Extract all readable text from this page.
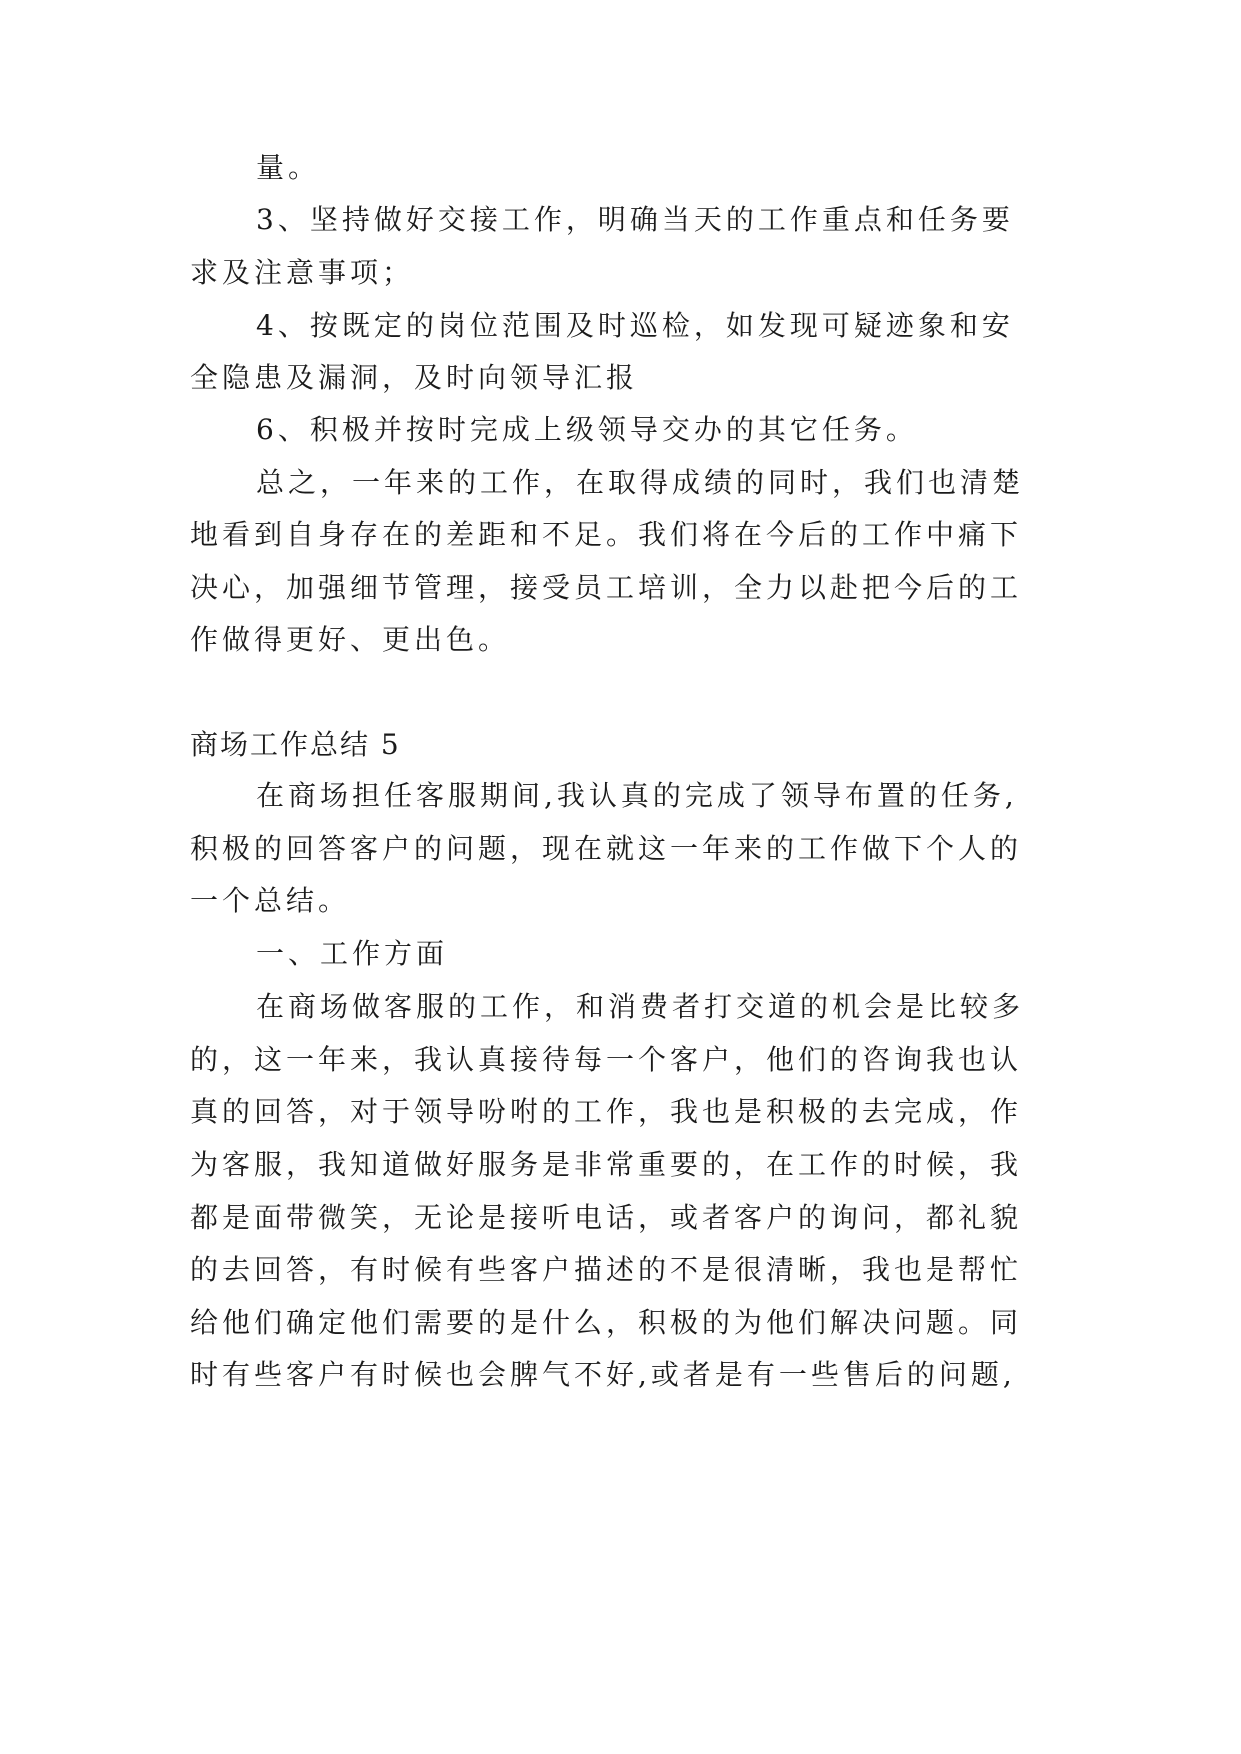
量。
3、坚持做好交接工作，明确当天的工作重点和任务要
求及注意事项；
4、按既定的岗位范围及时巡检，如发现可疑迹象和安
全隐患及漏洞，及时向领导汇报
6、积极并按时完成上级领导交办的其它任务。
总之，一年来的工作，在取得成绩的同时，我们也清楚
地看到自身存在的差距和不足。我们将在今后的工作中痛下
决心，加强细节管理，接受员工培训，全力以赴把今后的工
作做得更好、更出色。
商场工作总结 5
在商场担任客服期间,我认真的完成了领导布置的任务,
积极的回答客户的问题，现在就这一年来的工作做下个人的
一个总结。
一、工作方面
在商场做客服的工作，和消费者打交道的机会是比较多
的，这一年来，我认真接待每一个客户，他们的咨询我也认
真的回答，对于领导吩咐的工作，我也是积极的去完成，作
为客服，我知道做好服务是非常重要的，在工作的时候，我
都是面带微笑，无论是接听电话，或者客户的询问，都礼貌
的去回答，有时候有些客户描述的不是很清晰，我也是帮忙
给他们确定他们需要的是什么，积极的为他们解决问题。同
时有些客户有时候也会脾气不好,或者是有一些售后的问题,
